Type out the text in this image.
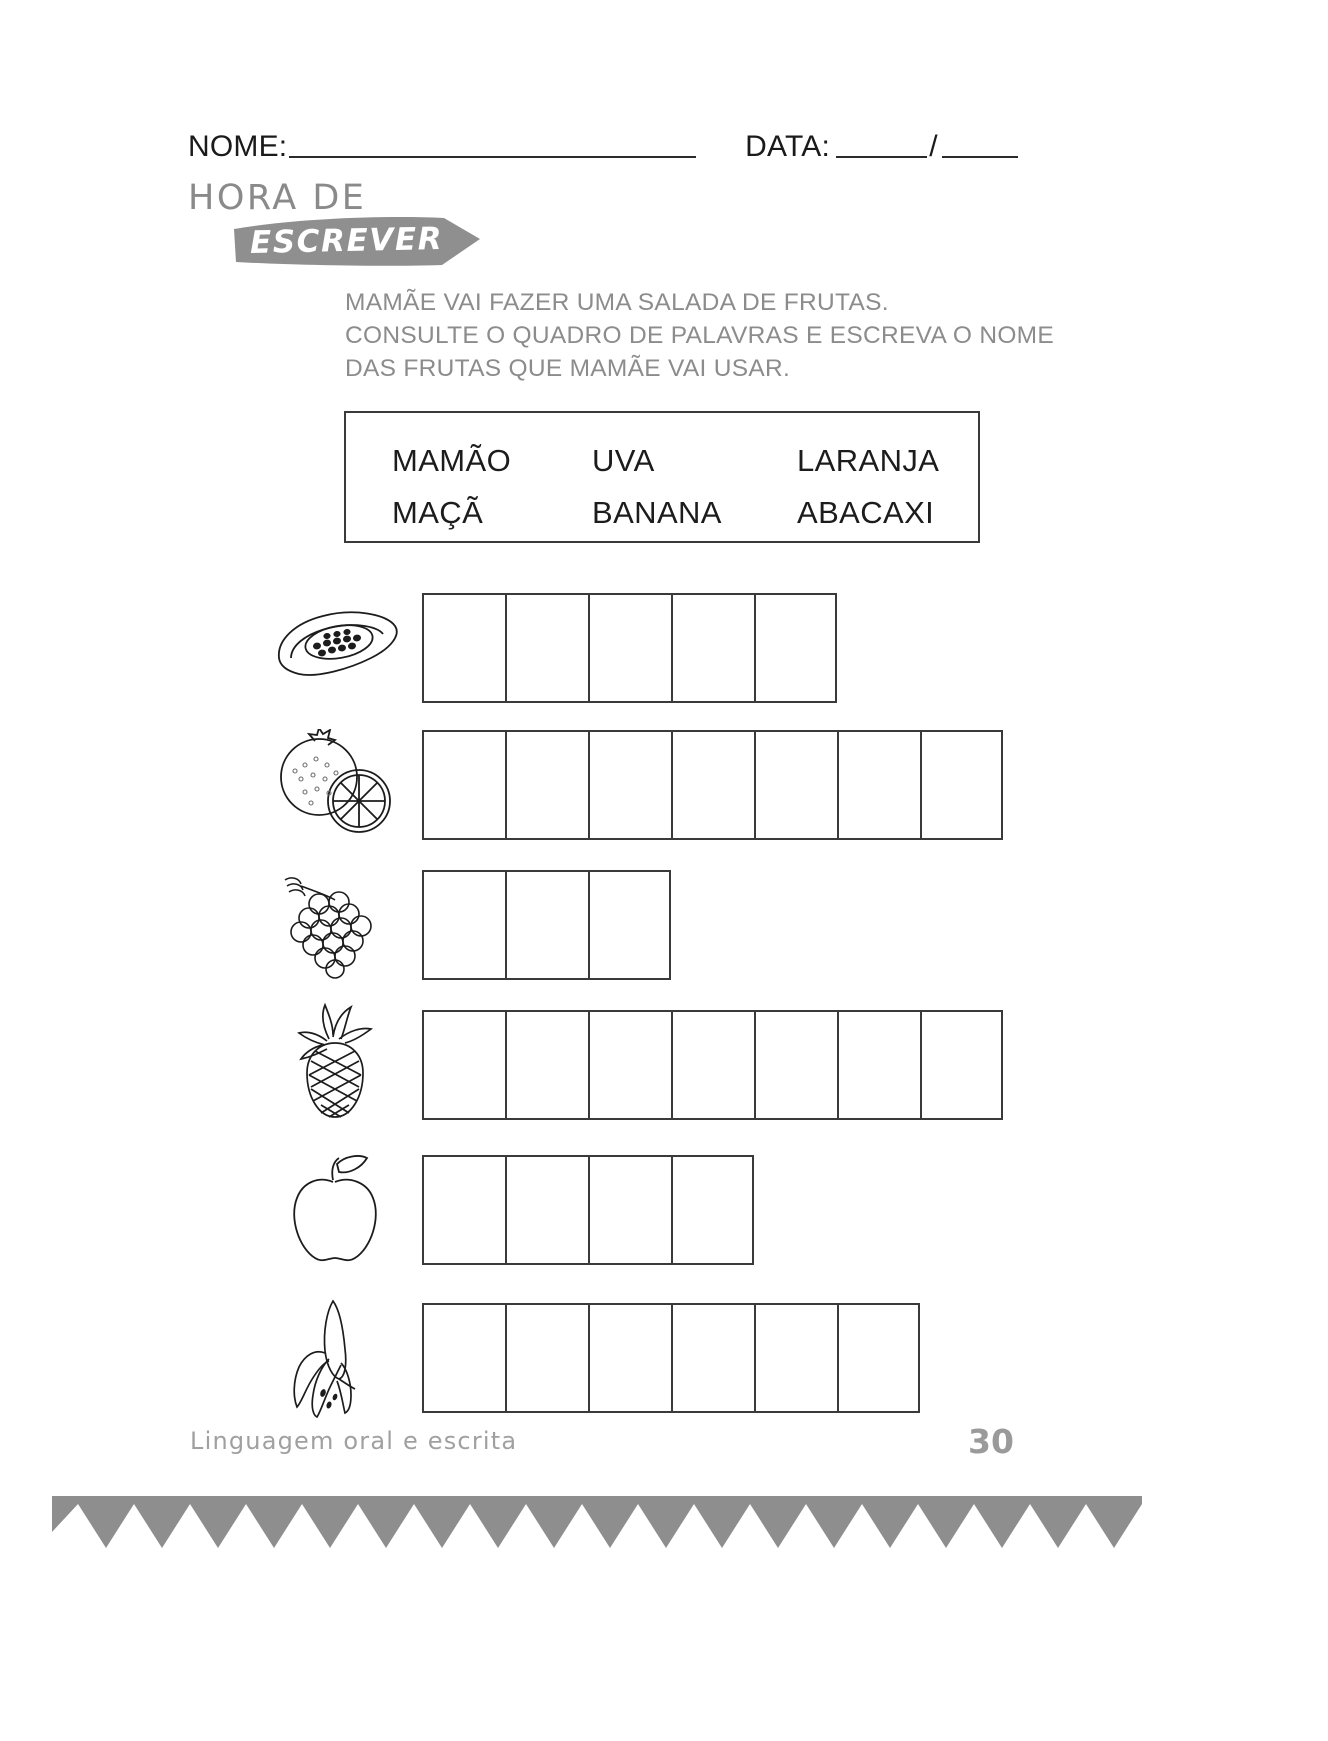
NOME:	DATA:	/
HORA DE
ESCREVER

MAMÃE VAI FAZER UMA SALADA DE FRUTAS.

CONSULTE O QUADRO DE PALAVRAS E ESCREVA O NOME

DAS FRUTAS QUE MAMÃE VAI USAR.

MAMÃO	UVA	LARANJA
MAÇÃ	BANANA	ABACAXI
Linguagem oral e escrita	30
